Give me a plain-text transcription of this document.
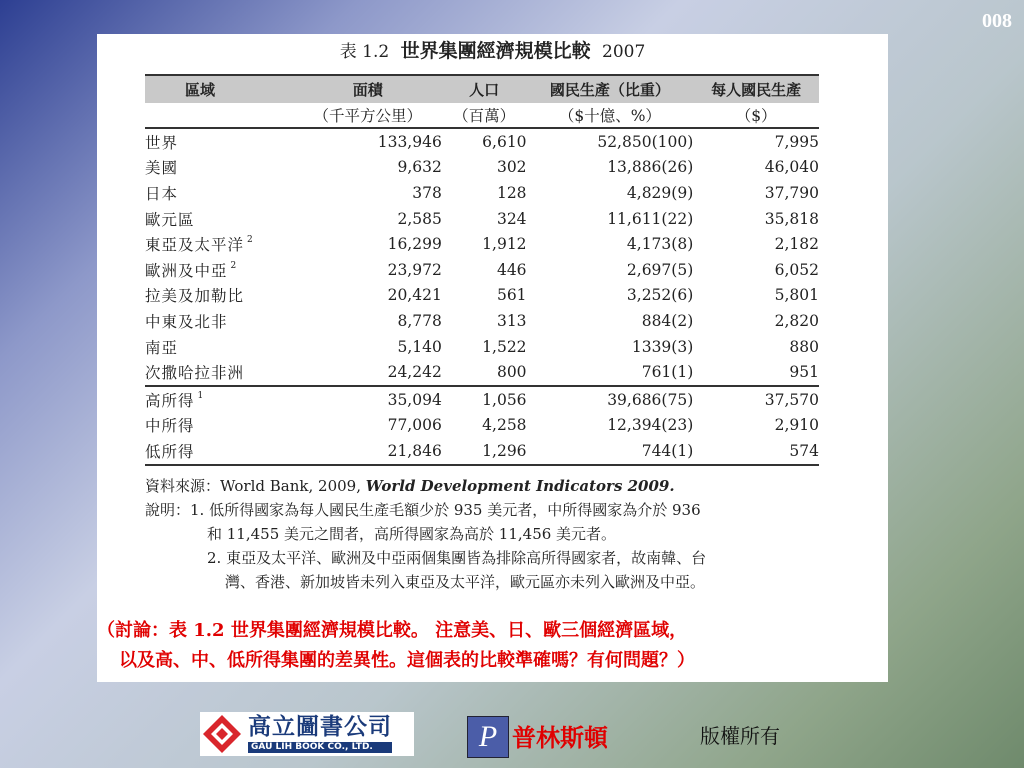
008
表 1.2 世界集團經濟規模比較 2007
區域	面積	人口	國民生產（比重）	每人國民生產
	（千平方公里）	（百萬）	（$十億、%）	（$）
世界	133,946	6,610	52,850(100)	7,995
美國	9,632	302	13,886(26)	46,040
日本	378	128	4,829(9)	37,790
歐元區	2,585	324	11,611(22)	35,818
東亞及太平洋 $^2$	16,299	1,912	4,173(8)	2,182
歐洲及中亞 $^2$	23,972	446	2,697(5)	6,052
拉美及加勒比	20,421	561	3,252(6)	5,801
中東及北非	8,778	313	884(2)	2,820
南亞	5,140	1,522	1339(3)	880
次撒哈拉非洲	24,242	800	761(1)	951
高所得 $^1$	35,094	1,056	39,686(75)	37,570
中所得	77,006	4,258	12,394(23)	2,910
低所得	21,846	1,296	744(1)	574
資料來源：World Bank, 2009, World Development Indicators 2009.
說明：1. 低所得國家為每人國民生產毛額少於 935 美元者，中所得國家為介於 936
和 11,455 美元之間者，高所得國家為高於 11,456 美元者。
2. 東亞及太平洋、歐洲及中亞兩個集團皆為排除高所得國家者，故南韓、台
灣、香港、新加坡皆未列入東亞及太平洋，歐元區亦未列入歐洲及中亞。
（討論：表 1.2 世界集團經濟規模比較。 注意美、日、歐三個經濟區域，
以及高、中、低所得集團的差異性。這個表的比較準確嗎？有何問題？）
高立圖書公司
GAU LIH BOOK CO., LTD.	P 普林斯頓	版權所有
